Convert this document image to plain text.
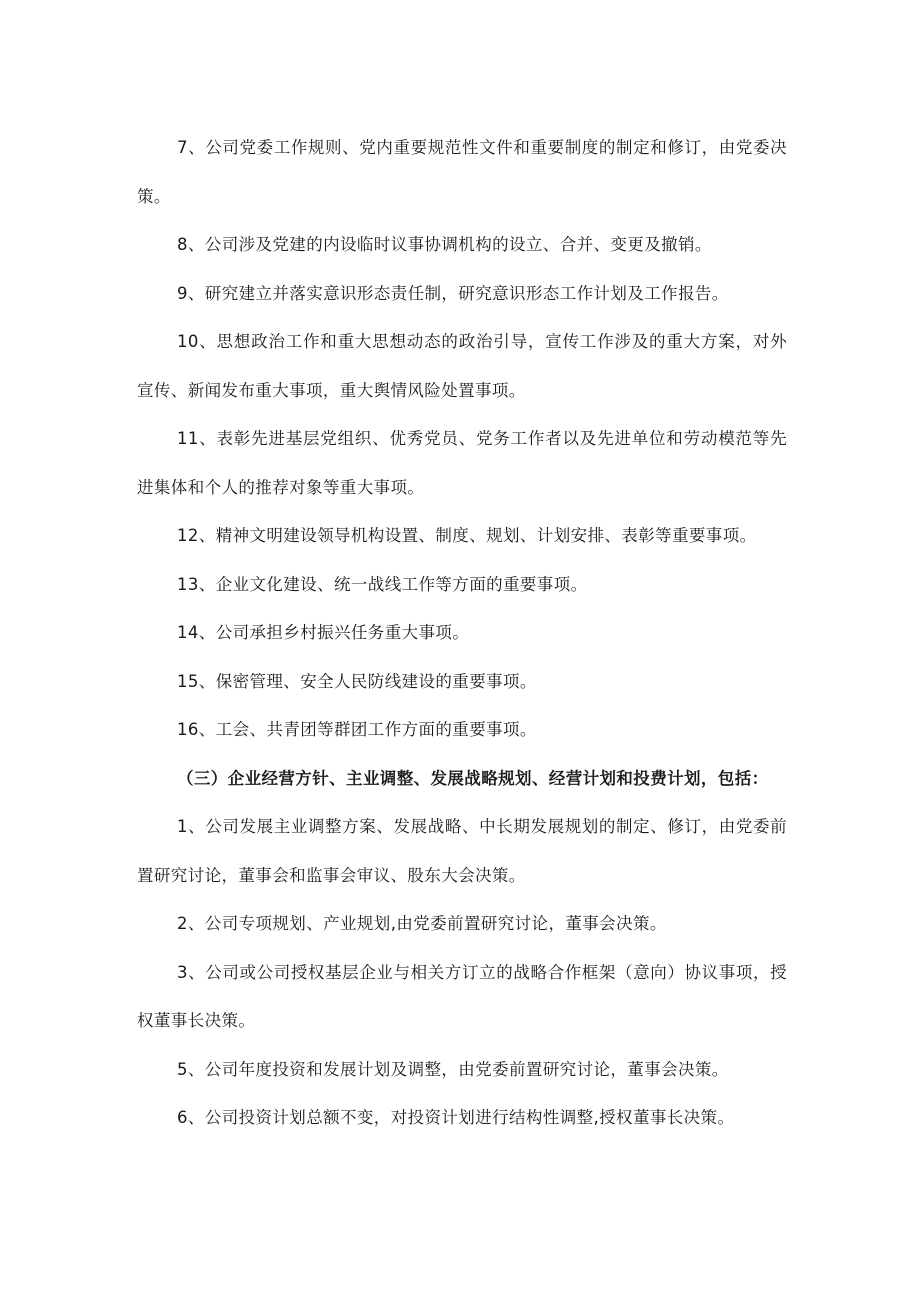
7、公司党委工作规则、党内重要规范性文件和重要制度的制定和修订，由党委决策。

8、公司涉及党建的内设临时议事协调机构的设立、合并、变更及撤销。

9、研究建立并落实意识形态责任制，研究意识形态工作计划及工作报告。

10、思想政治工作和重大思想动态的政治引导，宣传工作涉及的重大方案，对外宣传、新闻发布重大事项，重大舆情风险处置事项。

11、表彰先进基层党组织、优秀党员、党务工作者以及先进单位和劳动模范等先进集体和个人的推荐对象等重大事项。

12、精神文明建设领导机构设置、制度、规划、计划安排、表彰等重要事项。

13、企业文化建设、统一战线工作等方面的重要事项。

14、公司承担乡村振兴任务重大事项。

15、保密管理、安全人民防线建设的重要事项。

16、工会、共青团等群团工作方面的重要事项。

（三）企业经营方针、主业调整、发展战略规划、经营计划和投费计划，包括：

1、公司发展主业调整方案、发展战略、中长期发展规划的制定、修订，由党委前置研究讨论，董事会和监事会审议、股东大会决策。

2、公司专项规划、产业规划,由党委前置研究讨论，董事会决策。

3、公司或公司授权基层企业与相关方订立的战略合作框架（意向）协议事项，授权董事长决策。

5、公司年度投资和发展计划及调整，由党委前置研究讨论，董事会决策。

6、公司投资计划总额不变，对投资计划进行结构性调整,授权董事长决策。
